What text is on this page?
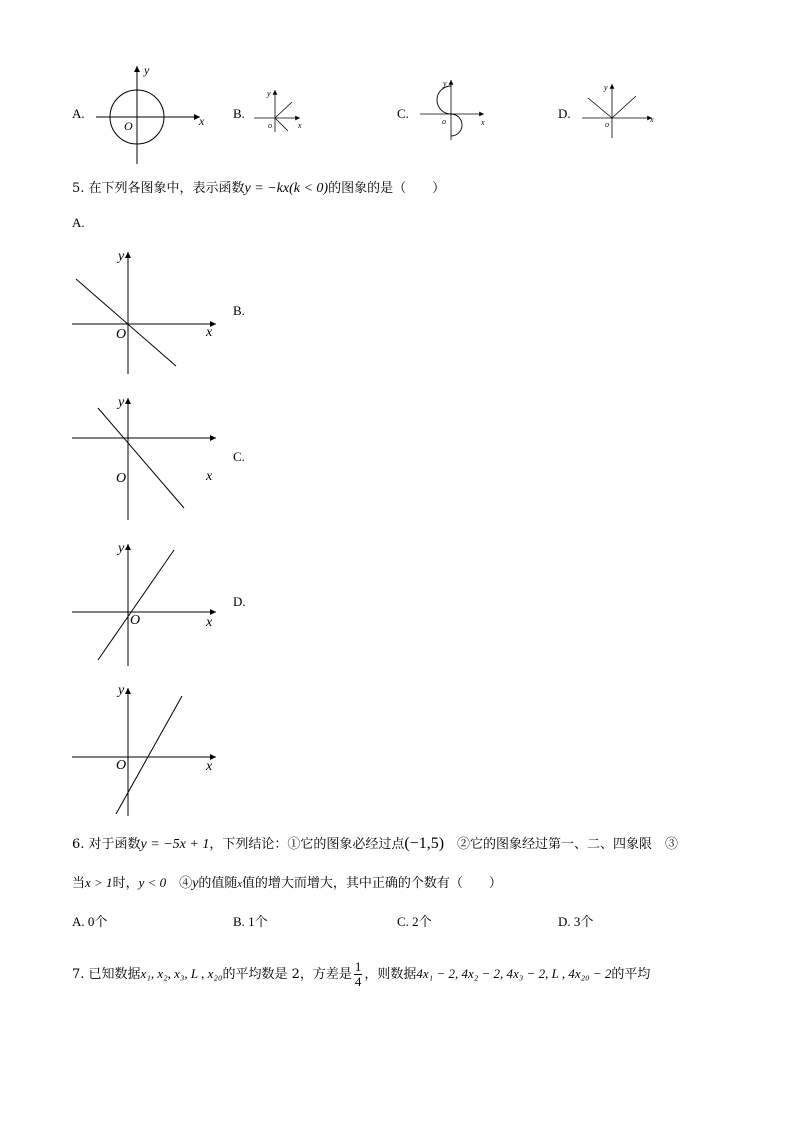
A.
y
x
O
B.
y
x
o
C.
y
x
o
D.
y
x
o
5. 在下列各图象中，表示函数y = −kx(k < 0)的图象的是（　　）
A.
y
x
O
B.
y
x
O
C.
y
x
O
D.
y
x
O
6. 对于函数y = −5x + 1，下列结论：①它的图象必经过点(−1,5)　 ②它的图象经过第一、二、四象限　③
当x > 1时，y < 0　④y的值随x值的增大而增大，其中正确的个数有（　　）
A. 0个	B. 1个	C. 2个	D. 3个
7. 已知数据x₁, x₂, x₃, L , x₂₀的平均数是 2，方差是 $\frac{1}{4}$ ，则数据4x₁ − 2, 4x₂ − 2, 4x₃ − 2, L , 4x₂₀ − 2的平均
